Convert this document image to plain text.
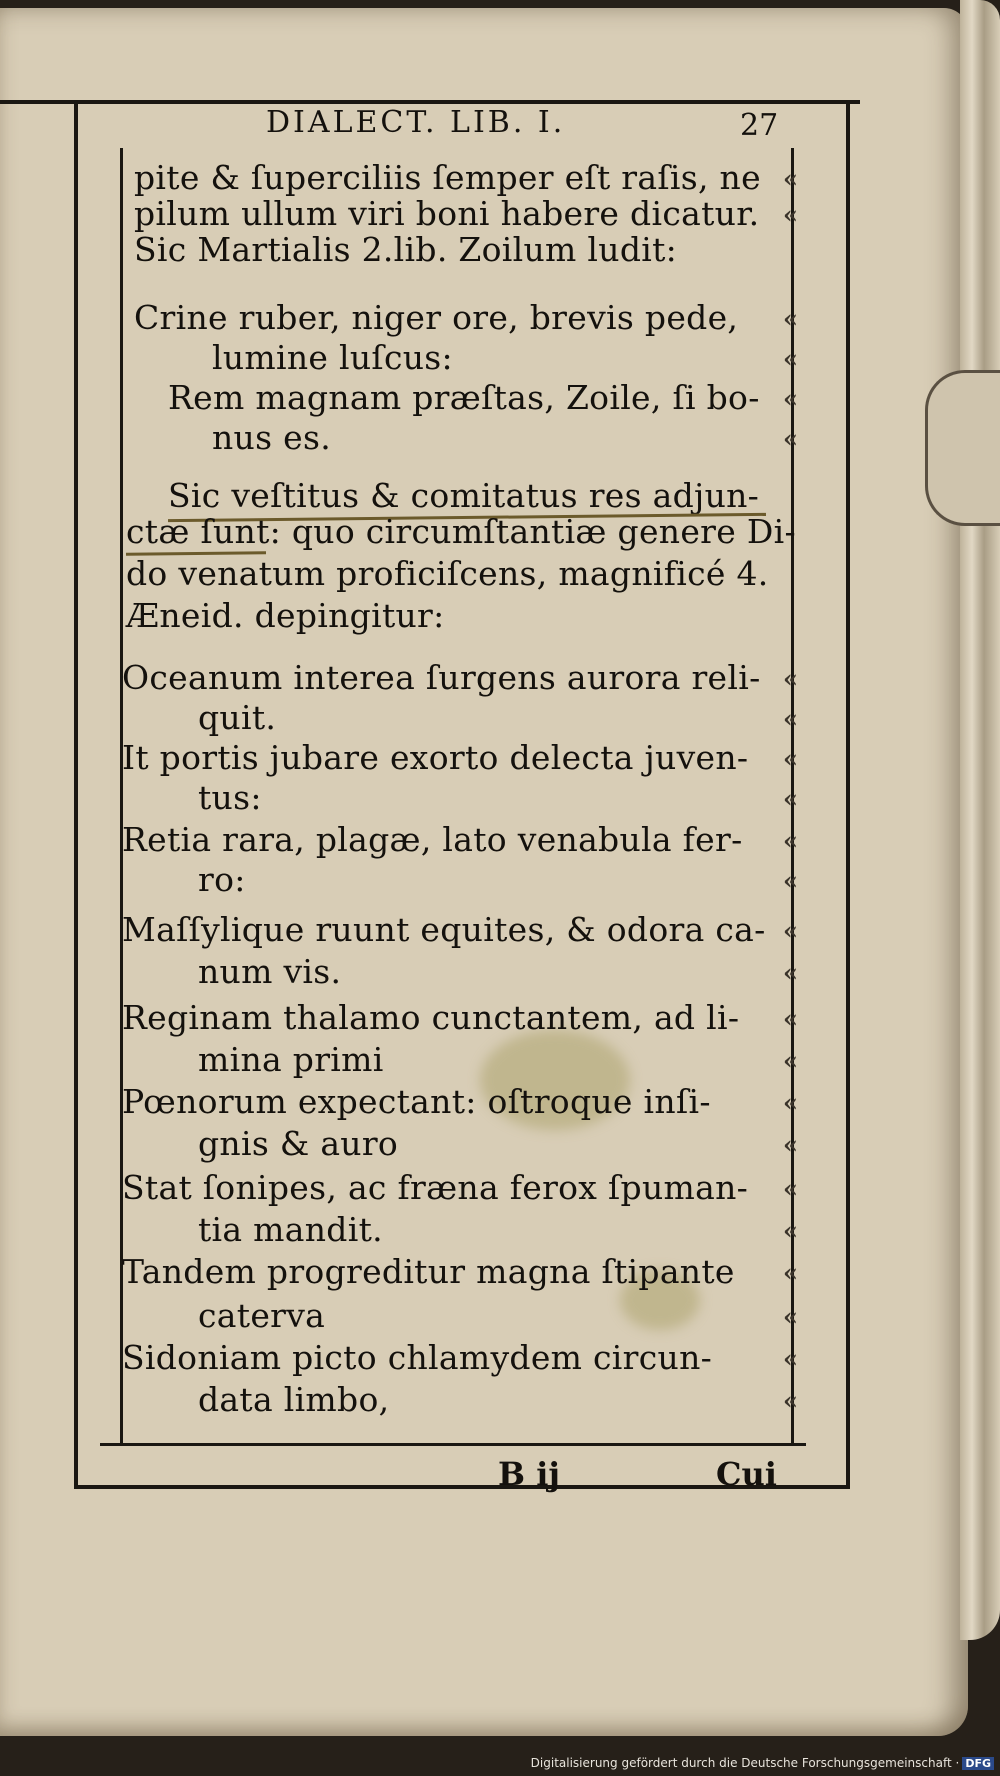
DIALECT. LIB. I.	27
pite & ſuperciliis ſemper eſt raſis, ne «
pilum ullum viri boni habere dicatur. «
Sic Martialis 2.lib. Zoilum ludit:
Crine ruber, niger ore, brevis pede, «
lumine luſcus:	«
Rem magnam præſtas, Zoile, ſi bo- «
nus es.	«
Sic veſtitus & comitatus res adjun-
ctæ ſunt: quo circumſtantiæ genere Di-
do venatum proficiſcens, magnificé 4.
Æneid. depingitur:
Oceanum interea ſurgens aurora reli- «
quit.	«
It portis jubare exorto delecta juven- «
tus:	«
Retia rara, plagæ, lato venabula fer- «
ro:	«
Maſſylique ruunt equites, & odora ca- «
num vis.	«
Reginam thalamo cunctantem, ad li- «
mina primi	«
Pœnorum expectant: oſtroque inſi-	«
gnis & auro	«
Stat ſonipes, ac fræna ferox ſpuman- «
tia mandit.	«
Tandem progreditur magna ſtipante «
caterva	«
Sidoniam picto chlamydem circun-	«
data limbo,	«
B ij	Cui
Digitalisierung gefördert durch die Deutsche Forschungsgemeinschaft · DFG
